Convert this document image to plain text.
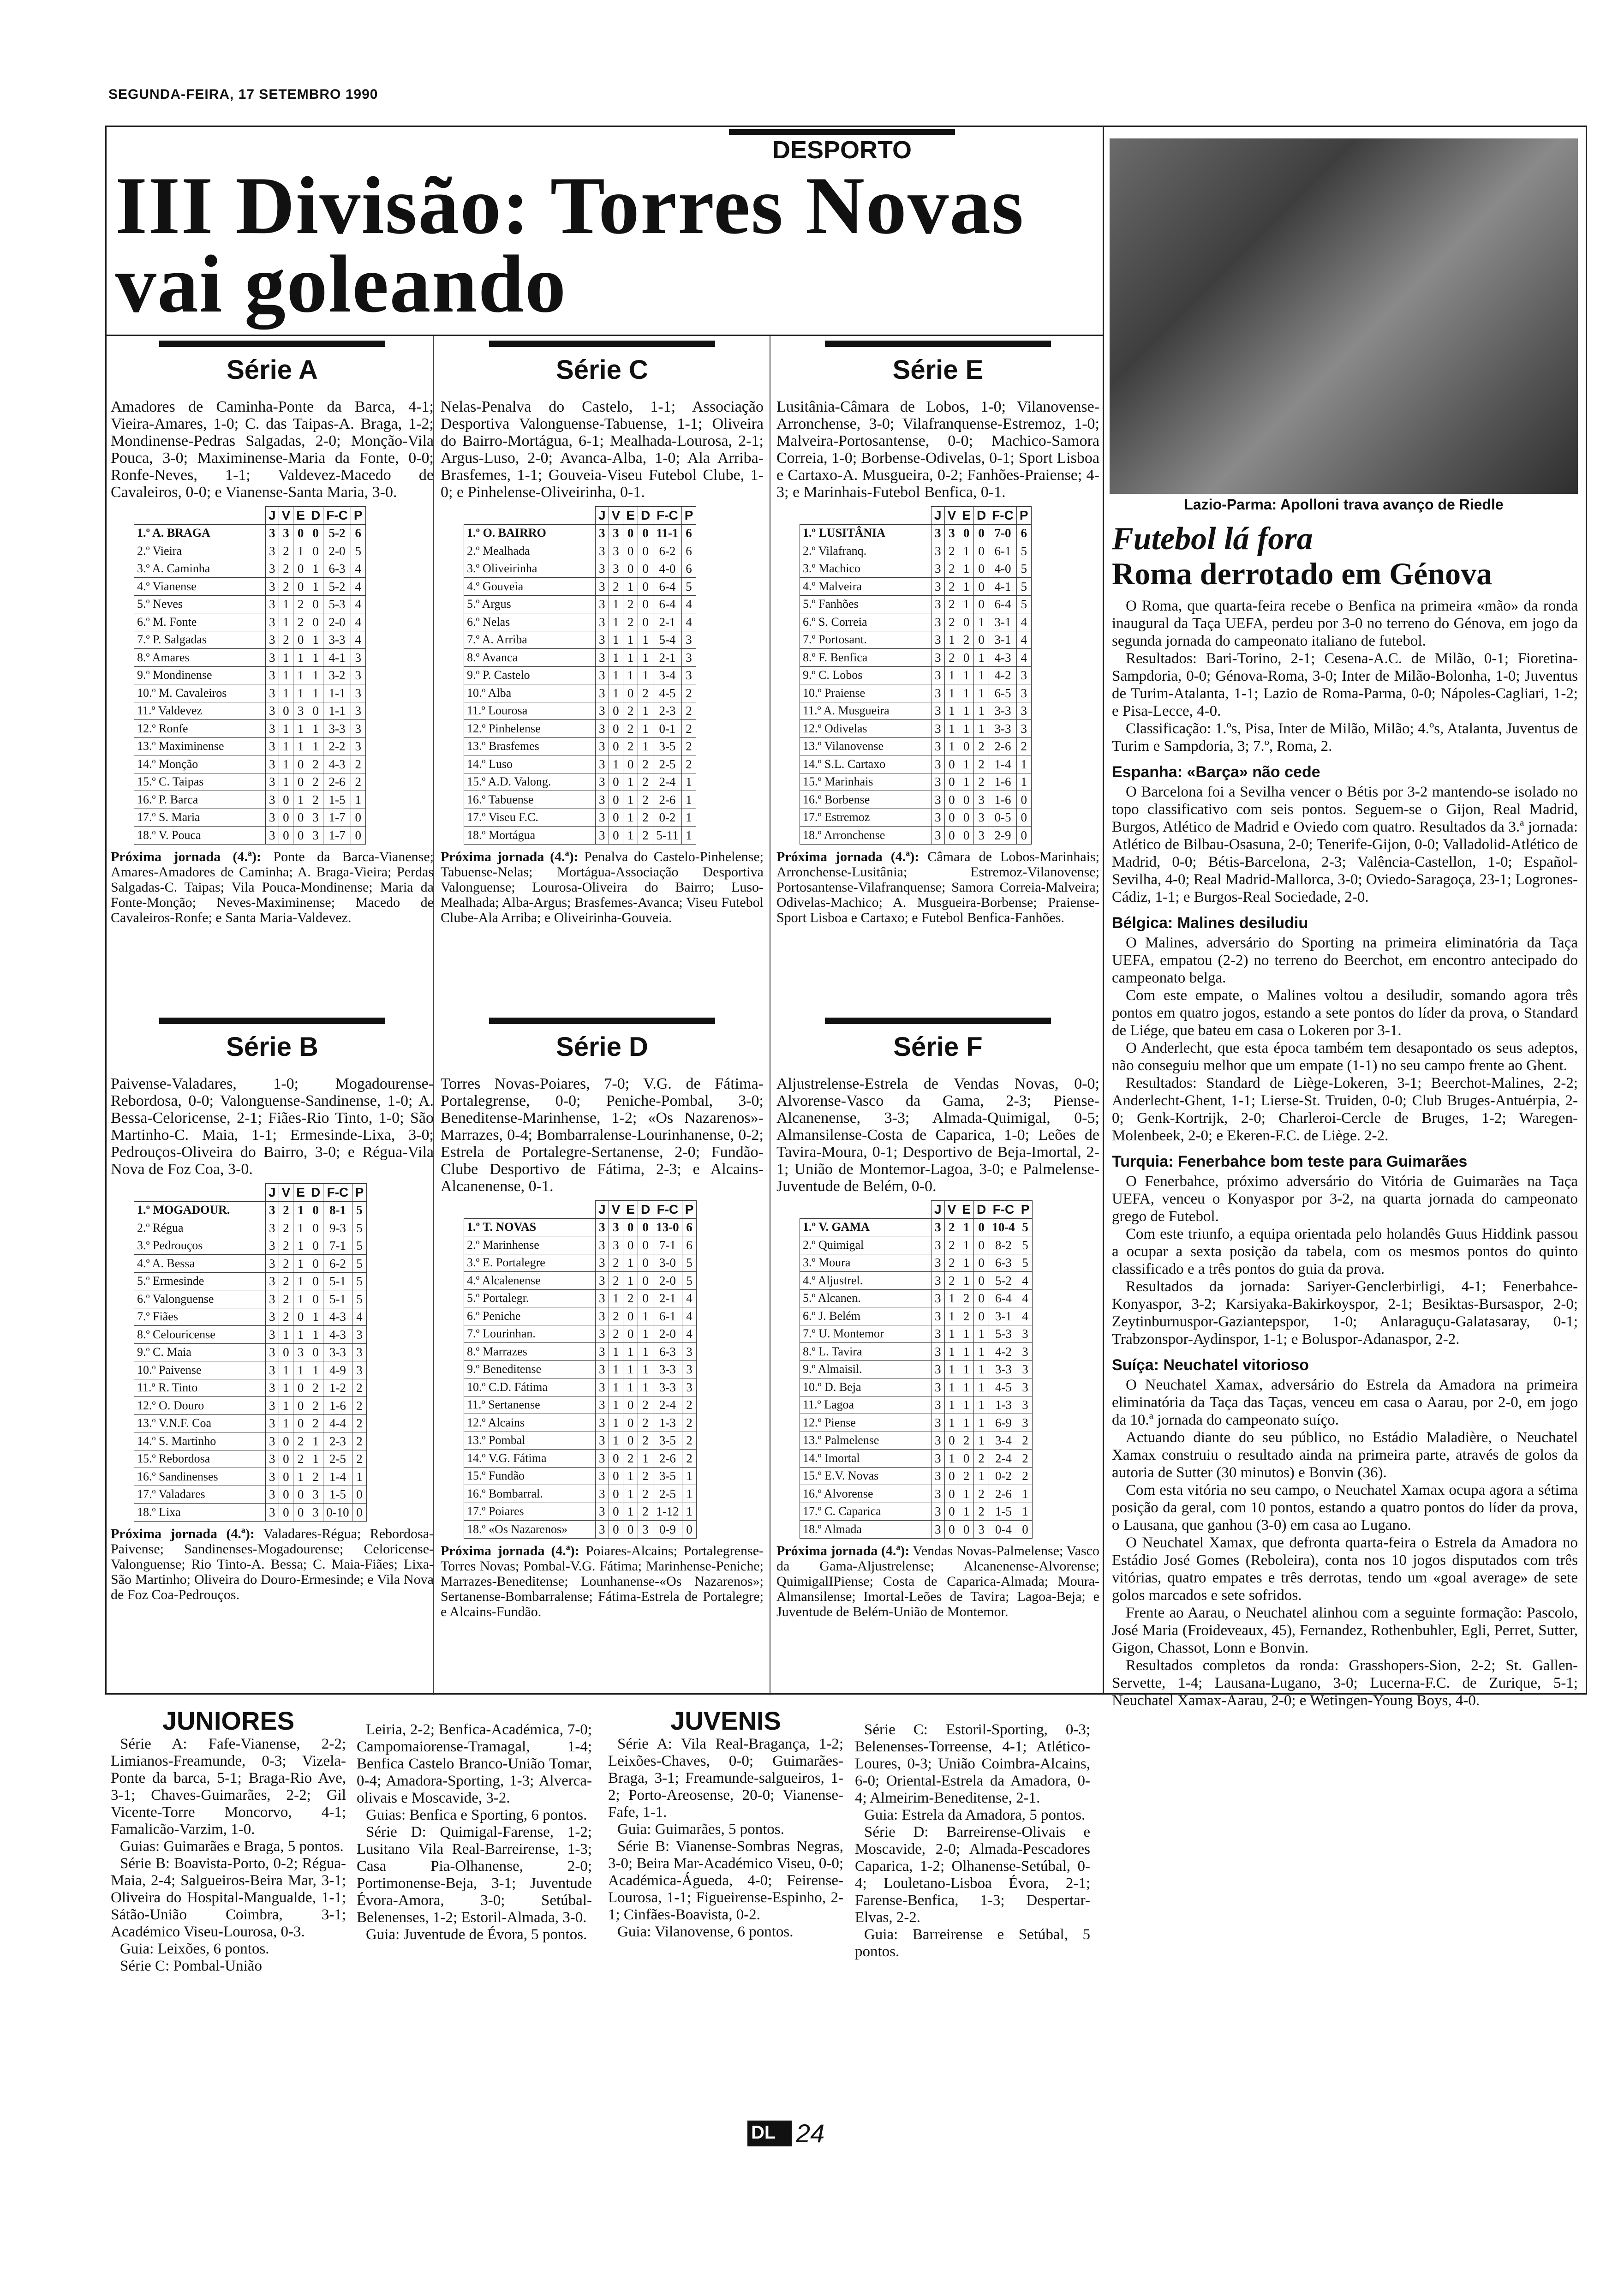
SEGUNDA-FEIRA, 17 SETEMBRO 1990
DESPORTO
III Divisão: Torres Novas vai goleando
Série A
Amadores de Caminha-Ponte da Barca, 4-1; Vieira-Amares, 1-0; C. das Taipas-A. Braga, 1-2; Mondinense-Pedras Salgadas, 2-0; Monção-Vila Pouca, 3-0; Maximinense-Maria da Fonte, 0-0; Ronfe-Neves, 1-1; Valdevez-Macedo de Cavaleiros, 0-0; e Vianense-Santa Maria, 3-0.
	J	V	E	D	F-C	P
1.º A. BRAGA	3	3	0	0	5-2	6
2.º Vieira	3	2	1	0	2-0	5
3.º A. Caminha	3	2	0	1	6-3	4
4.º Vianense	3	2	0	1	5-2	4
5.º Neves	3	1	2	0	5-3	4
6.º M. Fonte	3	1	2	0	2-0	4
7.º P. Salgadas	3	2	0	1	3-3	4
8.º Amares	3	1	1	1	4-1	3
9.º Mondinense	3	1	1	1	3-2	3
10.º M. Cavaleiros	3	1	1	1	1-1	3
11.º Valdevez	3	0	3	0	1-1	3
12.º Ronfe	3	1	1	1	3-3	3
13.º Maximinense	3	1	1	1	2-2	3
14.º Monção	3	1	0	2	4-3	2
15.º C. Taipas	3	1	0	2	2-6	2
16.º P. Barca	3	0	1	2	1-5	1
17.º S. Maria	3	0	0	3	1-7	0
18.º V. Pouca	3	0	0	3	1-7	0
Próxima jornada (4.ª): Ponte da Barca-Vianense; Amares-Amadores de Caminha; A. Braga-Vieira; Perdas Salgadas-C. Taipas; Vila Pouca-Mondinense; Maria da Fonte-Monção; Neves-Maximinense; Macedo de Cavaleiros-Ronfe; e Santa Maria-Valdevez.
Série C
Nelas-Penalva do Castelo, 1-1; Associação Desportiva Valonguense-Tabuense, 1-1; Oliveira do Bairro-Mortágua, 6-1; Mealhada-Lourosa, 2-1; Argus-Luso, 2-0; Avanca-Alba, 1-0; Ala Arriba-Brasfemes, 1-1; Gouveia-Viseu Futebol Clube, 1-0; e Pinhelense-Oliveirinha, 0-1.
	J	V	E	D	F-C	P
1.º O. BAIRRO	3	3	0	0	11-1	6
2.º Mealhada	3	3	0	0	6-2	6
3.º Oliveirinha	3	3	0	0	4-0	6
4.º Gouveia	3	2	1	0	6-4	5
5.º Argus	3	1	2	0	6-4	4
6.º Nelas	3	1	2	0	2-1	4
7.º A. Arriba	3	1	1	1	5-4	3
8.º Avanca	3	1	1	1	2-1	3
9.º P. Castelo	3	1	1	1	3-4	3
10.º Alba	3	1	0	2	4-5	2
11.º Lourosa	3	0	2	1	2-3	2
12.º Pinhelense	3	0	2	1	0-1	2
13.º Brasfemes	3	0	2	1	3-5	2
14.º Luso	3	1	0	2	2-5	2
15.º A.D. Valong.	3	0	1	2	2-4	1
16.º Tabuense	3	0	1	2	2-6	1
17.º Viseu F.C.	3	0	1	2	0-2	1
18.º Mortágua	3	0	1	2	5-11	1
Próxima jornada (4.ª): Penalva do Castelo-Pinhelense; Tabuense-Nelas; Mortágua-Associação Desportiva Valonguense; Lourosa-Oliveira do Bairro; Luso-Mealhada; Alba-Argus; Brasfemes-Avanca; Viseu Futebol Clube-Ala Arriba; e Oliveirinha-Gouveia.
Série E
Lusitânia-Câmara de Lobos, 1-0; Vilanovense-Arronchense, 3-0; Vilafranquense-Estremoz, 1-0; Malveira-Portosantense, 0-0; Machico-Samora Correia, 1-0; Borbense-Odivelas, 0-1; Sport Lisboa e Cartaxo-A. Musgueira, 0-2; Fanhões-Praiense; 4-3; e Marinhais-Futebol Benfica, 0-1.
	J	V	E	D	F-C	P
1.º LUSITÂNIA	3	3	0	0	7-0	6
2.º Vilafranq.	3	2	1	0	6-1	5
3.º Machico	3	2	1	0	4-0	5
4.º Malveira	3	2	1	0	4-1	5
5.º Fanhões	3	2	1	0	6-4	5
6.º S. Correia	3	2	0	1	3-1	4
7.º Portosant.	3	1	2	0	3-1	4
8.º F. Benfica	3	2	0	1	4-3	4
9.º C. Lobos	3	1	1	1	4-2	3
10.º Praiense	3	1	1	1	6-5	3
11.º A. Musgueira	3	1	1	1	3-3	3
12.º Odivelas	3	1	1	1	3-3	3
13.º Vilanovense	3	1	0	2	2-6	2
14.º S.L. Cartaxo	3	0	1	2	1-4	1
15.º Marinhais	3	0	1	2	1-6	1
16.º Borbense	3	0	0	3	1-6	0
17.º Estremoz	3	0	0	3	0-5	0
18.º Arronchense	3	0	0	3	2-9	0
Próxima jornada (4.ª): Câmara de Lobos-Marinhais; Arronchense-Lusitânia; Estremoz-Vilanovense; Portosantense-Vilafranquense; Samora Correia-Malveira; Odivelas-Machico; A. Musgueira-Borbense; Praiense-Sport Lisboa e Cartaxo; e Futebol Benfica-Fanhões.
Série B
Paivense-Valadares, 1-0; Mogadourense-Rebordosa, 0-0; Valonguense-Sandinense, 1-0; A. Bessa-Celoricense, 2-1; Fiães-Rio Tinto, 1-0; São Martinho-C. Maia, 1-1; Ermesinde-Lixa, 3-0; Pedrouços-Oliveira do Bairro, 3-0; e Régua-Vila Nova de Foz Coa, 3-0.
	J	V	E	D	F-C	P
1.º MOGADOUR.	3	2	1	0	8-1	5
2.º Régua	3	2	1	0	9-3	5
3.º Pedrouços	3	2	1	0	7-1	5
4.º A. Bessa	3	2	1	0	6-2	5
5.º Ermesinde	3	2	1	0	5-1	5
6.º Valonguense	3	2	1	0	5-1	5
7.º Fiães	3	2	0	1	4-3	4
8.º Celouricense	3	1	1	1	4-3	3
9.º C. Maia	3	0	3	0	3-3	3
10.º Paivense	3	1	1	1	4-9	3
11.º R. Tinto	3	1	0	2	1-2	2
12.º O. Douro	3	1	0	2	1-6	2
13.º V.N.F. Coa	3	1	0	2	4-4	2
14.º S. Martinho	3	0	2	1	2-3	2
15.º Rebordosa	3	0	2	1	2-5	2
16.º Sandinenses	3	0	1	2	1-4	1
17.º Valadares	3	0	0	3	1-5	0
18.º Lixa	3	0	0	3	0-10	0
Próxima jornada (4.ª): Valadares-Régua; Rebordosa-Paivense; Sandinenses-Mogadourense; Celoricense-Valonguense; Rio Tinto-A. Bessa; C. Maia-Fiães; Lixa-São Martinho; Oliveira do Douro-Ermesinde; e Vila Nova de Foz Coa-Pedrouços.
Série D
Torres Novas-Poiares, 7-0; V.G. de Fátima-Portalegrense, 0-0; Peniche-Pombal, 3-0; Beneditense-Marinhense, 1-2; «Os Nazarenos»-Marrazes, 0-4; Bombarralense-Lourinhanense, 0-2; Estrela de Portalegre-Sertanense, 2-0; Fundão-Clube Desportivo de Fátima, 2-3; e Alcains-Alcanenense, 0-1.
	J	V	E	D	F-C	P
1.º T. NOVAS	3	3	0	0	13-0	6
2.º Marinhense	3	3	0	0	7-1	6
3.º E. Portalegre	3	2	1	0	3-0	5
4.º Alcalenense	3	2	1	0	2-0	5
5.º Portalegr.	3	1	2	0	2-1	4
6.º Peniche	3	2	0	1	6-1	4
7.º Lourinhan.	3	2	0	1	2-0	4
8.º Marrazes	3	1	1	1	6-3	3
9.º Beneditense	3	1	1	1	3-3	3
10.º C.D. Fátima	3	1	1	1	3-3	3
11.º Sertanense	3	1	0	2	2-4	2
12.º Alcains	3	1	0	2	1-3	2
13.º Pombal	3	1	0	2	3-5	2
14.º V.G. Fátima	3	0	2	1	2-6	2
15.º Fundão	3	0	1	2	3-5	1
16.º Bombarral.	3	0	1	2	2-5	1
17.º Poiares	3	0	1	2	1-12	1
18.º «Os Nazarenos»	3	0	0	3	0-9	0
Próxima jornada (4.ª): Poiares-Alcains; Portalegrense-Torres Novas; Pombal-V.G. Fátima; Marinhense-Peniche; Marrazes-Beneditense; Lounhanense-«Os Nazarenos»; Sertanense-Bombarralense; Fátima-Estrela de Portalegre; e Alcains-Fundão.
Série F
Aljustrelense-Estrela de Vendas Novas, 0-0; Alvorense-Vasco da Gama, 2-3; Piense-Alcanenense, 3-3; Almada-Quimigal, 0-5; Almansilense-Costa de Caparica, 1-0; Leões de Tavira-Moura, 0-1; Desportivo de Beja-Imortal, 2-1; União de Montemor-Lagoa, 3-0; e Palmelense-Juventude de Belém, 0-0.
	J	V	E	D	F-C	P
1.º V. GAMA	3	2	1	0	10-4	5
2.º Quimigal	3	2	1	0	8-2	5
3.º Moura	3	2	1	0	6-3	5
4.º Aljustrel.	3	2	1	0	5-2	4
5.º Alcanen.	3	1	2	0	6-4	4
6.º J. Belém	3	1	2	0	3-1	4
7.º U. Montemor	3	1	1	1	5-3	3
8.º L. Tavira	3	1	1	1	4-2	3
9.º Almaisil.	3	1	1	1	3-3	3
10.º D. Beja	3	1	1	1	4-5	3
11.º Lagoa	3	1	1	1	1-3	3
12.º Piense	3	1	1	1	6-9	3
13.º Palmelense	3	0	2	1	3-4	2
14.º Imortal	3	1	0	2	2-4	2
15.º E.V. Novas	3	0	2	1	0-2	2
16.º Alvorense	3	0	1	2	2-6	1
17.º C. Caparica	3	0	1	2	1-5	1
18.º Almada	3	0	0	3	0-4	0
Próxima jornada (4.ª): Vendas Novas-Palmelense; Vasco da Gama-Aljustrelense; Alcanenense-Alvorense; QuimigalIPiense; Costa de Caparica-Almada; Moura-Almansilense; Imortal-Leões de Tavira; Lagoa-Beja; e Juventude de Belém-União de Montemor.
Lazio-Parma: Apolloni trava avanço de Riedle
Futebol lá fora
Roma derrotado em Génova

O Roma, que quarta-feira recebe o Benfica na primeira «mão» da ronda inaugural da Taça UEFA, perdeu por 3-0 no terreno do Génova, em jogo da segunda jornada do campeonato italiano de futebol.

Resultados: Bari-Torino, 2-1; Cesena-A.C. de Milão, 0-1; Fioretina-Sampdoria, 0-0; Génova-Roma, 3-0; Inter de Milão-Bolonha, 1-0; Juventus de Turim-Atalanta, 1-1; Lazio de Roma-Parma, 0-0; Nápoles-Cagliari, 1-2; e Pisa-Lecce, 4-0.

Classificação: 1.ºs, Pisa, Inter de Milão, Milão; 4.ºs, Atalanta, Juventus de Turim e Sampdoria, 3; 7.º, Roma, 2.

Espanha: «Barça» não cede

O Barcelona foi a Sevilha vencer o Bétis por 3-2 mantendo-se isolado no topo classificativo com seis pontos. Seguem-se o Gijon, Real Madrid, Burgos, Atlético de Madrid e Oviedo com quatro. Resultados da 3.ª jornada: Atlético de Bilbau-Osasuna, 2-0; Tenerife-Gijon, 0-0; Valladolid-Atlético de Madrid, 0-0; Bétis-Barcelona, 2-3; Valência-Castellon, 1-0; Español-Sevilha, 4-0; Real Madrid-Mallorca, 3-0; Oviedo-Saragoça, 23-1; Logrones-Cádiz, 1-1; e Burgos-Real Sociedade, 2-0.

Bélgica: Malines desiludiu

O Malines, adversário do Sporting na primeira eliminatória da Taça UEFA, empatou (2-2) no terreno do Beerchot, em encontro antecipado do campeonato belga.

Com este empate, o Malines voltou a desiludir, somando agora três pontos em quatro jogos, estando a sete pontos do líder da prova, o Standard de Liége, que bateu em casa o Lokeren por 3-1.

O Anderlecht, que esta época também tem desapontado os seus adeptos, não conseguiu melhor que um empate (1-1) no seu campo frente ao Ghent.

Resultados: Standard de Liège-Lokeren, 3-1; Beerchot-Malines, 2-2; Anderlecht-Ghent, 1-1; Lierse-St. Truiden, 0-0; Club Bruges-Antuérpia, 2-0; Genk-Kortrijk, 2-0; Charleroi-Cercle de Bruges, 1-2; Waregen-Molenbeek, 2-0; e Ekeren-F.C. de Liège. 2-2.

Turquia: Fenerbahce bom teste para Guimarães

O Fenerbahce, próximo adversário do Vitória de Guimarães na Taça UEFA, venceu o Konyaspor por 3-2, na quarta jornada do campeonato grego de Futebol.

Com este triunfo, a equipa orientada pelo holandês Guus Hiddink passou a ocupar a sexta posição da tabela, com os mesmos pontos do quinto classificado e a três pontos do guia da prova.

Resultados da jornada: Sariyer-Genclerbirligi, 4-1; Fenerbahce-Konyaspor, 3-2; Karsiyaka-Bakirkoyspor, 2-1; Besiktas-Bursaspor, 2-0; Zeytinburnuspor-Gaziantepspor, 1-0; Anlaraguçu-Galatasaray, 0-1; Trabzonspor-Aydinspor, 1-1; e Boluspor-Adanaspor, 2-2.

Suíça: Neuchatel vitorioso

O Neuchatel Xamax, adversário do Estrela da Amadora na primeira eliminatória da Taça das Taças, venceu em casa o Aarau, por 2-0, em jogo da 10.ª jornada do campeonato suíço.

Actuando diante do seu público, no Estádio Maladière, o Neuchatel Xamax construiu o resultado ainda na primeira parte, através de golos da autoria de Sutter (30 minutos) e Bonvin (36).

Com esta vitória no seu campo, o Neuchatel Xamax ocupa agora a sétima posição da geral, com 10 pontos, estando a quatro pontos do líder da prova, o Lausana, que ganhou (3-0) em casa ao Lugano.

O Neuchatel Xamax, que defronta quarta-feira o Estrela da Amadora no Estádio José Gomes (Reboleira), conta nos 10 jogos disputados com três vitórias, quatro empates e três derrotas, tendo um «goal average» de sete golos marcados e sete sofridos.

Frente ao Aarau, o Neuchatel alinhou com a seguinte formação: Pascolo, José Maria (Froideveaux, 45), Fernandez, Rothenbuhler, Egli, Perret, Sutter, Gigon, Chassot, Lonn e Bonvin.

Resultados completos da ronda: Grasshopers-Sion, 2-2; St. Gallen-Servette, 1-4; Lausana-Lugano, 3-0; Lucerna-F.C. de Zurique, 5-1; Neuchatel Xamax-Aarau, 2-0; e Wetingen-Young Boys, 4-0.

JUNIORES

Série A: Fafe-Vianense, 2-2; Limianos-Freamunde, 0-3; Vizela-Ponte da barca, 5-1; Braga-Rio Ave, 3-1; Chaves-Guimarães, 2-2; Gil Vicente-Torre Moncorvo, 4-1; Famalicão-Varzim, 1-0.

Guias: Guimarães e Braga, 5 pontos.

Série B: Boavista-Porto, 0-2; Régua-Maia, 2-4; Salgueiros-Beira Mar, 3-1; Oliveira do Hospital-Mangualde, 1-1; Sátão-União Coimbra, 3-1; Académico Viseu-Lourosa, 0-3.

Guia: Leixões, 6 pontos.

Série C: Pombal-União

Leiria, 2-2; Benfica-Académica, 7-0; Campomaiorense-Tramagal, 1-4; Benfica Castelo Branco-União Tomar, 0-4; Amadora-Sporting, 1-3; Alverca-olivais e Moscavide, 3-2.

Guias: Benfica e Sporting, 6 pontos.

Série D: Quimigal-Farense, 1-2; Lusitano Vila Real-Barreirense, 1-3; Casa Pia-Olhanense, 2-0; Portimonense-Beja, 3-1; Juventude Évora-Amora, 3-0; Setúbal-Belenenses, 1-2; Estoril-Almada, 3-0.

Guia: Juventude de Évora, 5 pontos.

JUVENIS

Série A: Vila Real-Bragança, 1-2; Leixões-Chaves, 0-0; Guimarães-Braga, 3-1; Freamunde-salgueiros, 1-2; Porto-Areosense, 20-0; Vianense-Fafe, 1-1.

Guia: Guimarães, 5 pontos.

Série B: Vianense-Sombras Negras, 3-0; Beira Mar-Académico Viseu, 0-0; Académica-Águeda, 4-0; Feirense-Lourosa, 1-1; Figueirense-Espinho, 2-1; Cinfães-Boavista, 0-2.

Guia: Vilanovense, 6 pontos.

Série C: Estoril-Sporting, 0-3; Belenenses-Torreense, 4-1; Atlético-Loures, 0-3; União Coimbra-Alcains, 6-0; Oriental-Estrela da Amadora, 0-4; Almeirim-Beneditense, 2-1.

Guia: Estrela da Amadora, 5 pontos.

Série D: Barreirense-Olivais e Moscavide, 2-0; Almada-Pescadores Caparica, 1-2; Olhanense-Setúbal, 0-4; Louletano-Lisboa Évora, 2-1; Farense-Benfica, 1-3; Despertar-Elvas, 2-2.

Guia: Barreirense e Setúbal, 5 pontos.

DL 24
